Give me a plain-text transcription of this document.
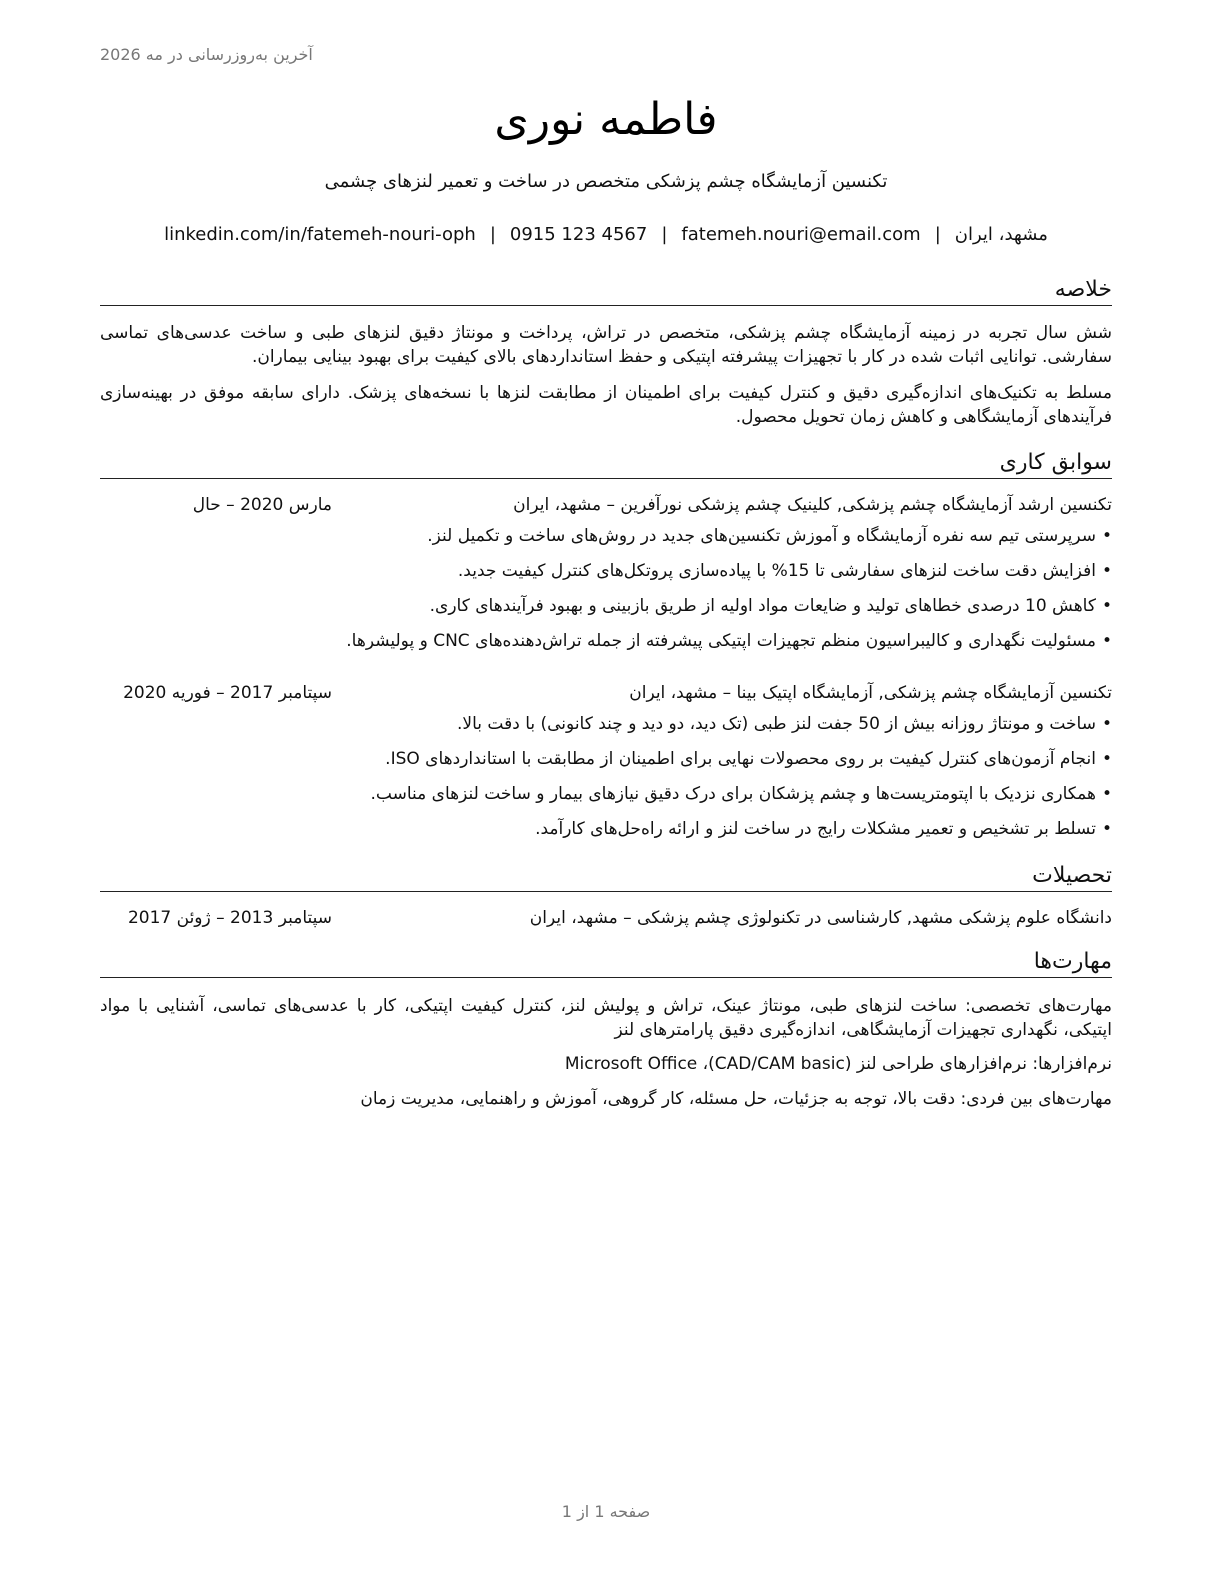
آخرین به‌روزرسانی در مه 2026
فاطمه نوری
تکنسین آزمایشگاه چشم پزشکی متخصص در ساخت و تعمیر لنزهای چشمی
مشهد، ایران|fatemeh.nouri@email.com|0915 123 4567|linkedin.com/in/fatemeh-nouri-oph
خلاصه
شش سال تجربه در زمینه آزمایشگاه چشم پزشکی، متخصص در تراش، پرداخت و مونتاژ دقیق لنزهای طبی و ساخت عدسی‌های تماسی سفارشی. توانایی اثبات شده در کار با تجهیزات پیشرفته اپتیکی و حفظ استانداردهای بالای کیفیت برای بهبود بینایی بیماران.
مسلط به تکنیک‌های اندازه‌گیری دقیق و کنترل کیفیت برای اطمینان از مطابقت لنزها با نسخه‌های پزشک. دارای سابقه موفق در بهینه‌سازی فرآیندهای آزمایشگاهی و کاهش زمان تحویل محصول.
سوابق کاری
تکنسین ارشد آزمایشگاه چشم پزشکی, کلینیک چشم پزشکی نورآفرین – مشهد، ایران
مارس 2020 – حال
•سرپرستی تیم سه نفره آزمایشگاه و آموزش تکنسین‌های جدید در روش‌های ساخت و تکمیل لنز.
•افزایش دقت ساخت لنزهای سفارشی تا 15% با پیاده‌سازی پروتکل‌های کنترل کیفیت جدید.
•کاهش 10 درصدی خطاهای تولید و ضایعات مواد اولیه از طریق بازبینی و بهبود فرآیندهای کاری.
•مسئولیت نگهداری و کالیبراسیون منظم تجهیزات اپتیکی پیشرفته از جمله تراش‌دهنده‌های CNC و پولیشرها.
تکنسین آزمایشگاه چشم پزشکی, آزمایشگاه اپتیک بینا – مشهد، ایران
سپتامبر 2017 – فوریه 2020
•ساخت و مونتاژ روزانه بیش از 50 جفت لنز طبی (تک دید، دو دید و چند کانونی) با دقت بالا.
•انجام آزمون‌های کنترل کیفیت بر روی محصولات نهایی برای اطمینان از مطابقت با استانداردهای ISO.
•همکاری نزدیک با اپتومتریست‌ها و چشم پزشکان برای درک دقیق نیازهای بیمار و ساخت لنزهای مناسب.
•تسلط بر تشخیص و تعمیر مشکلات رایج در ساخت لنز و ارائه راه‌حل‌های کارآمد.
تحصیلات
دانشگاه علوم پزشکی مشهد, کارشناسی در تکنولوژی چشم پزشکی – مشهد، ایران
سپتامبر 2013 – ژوئن 2017
مهارت‌ها
مهارت‌های تخصصی: ساخت لنزهای طبی، مونتاژ عینک، تراش و پولیش لنز، کنترل کیفیت اپتیکی، کار با عدسی‌های تماسی، آشنایی با مواد اپتیکی، نگهداری تجهیزات آزمایشگاهی، اندازه‌گیری دقیق پارامترهای لنز
نرم‌افزارها: نرم‌افزارهای طراحی لنز (CAD/CAM basic)، Microsoft Office
مهارت‌های بین فردی: دقت بالا، توجه به جزئیات، حل مسئله، کار گروهی، آموزش و راهنمایی، مدیریت زمان
صفحه 1 از 1
